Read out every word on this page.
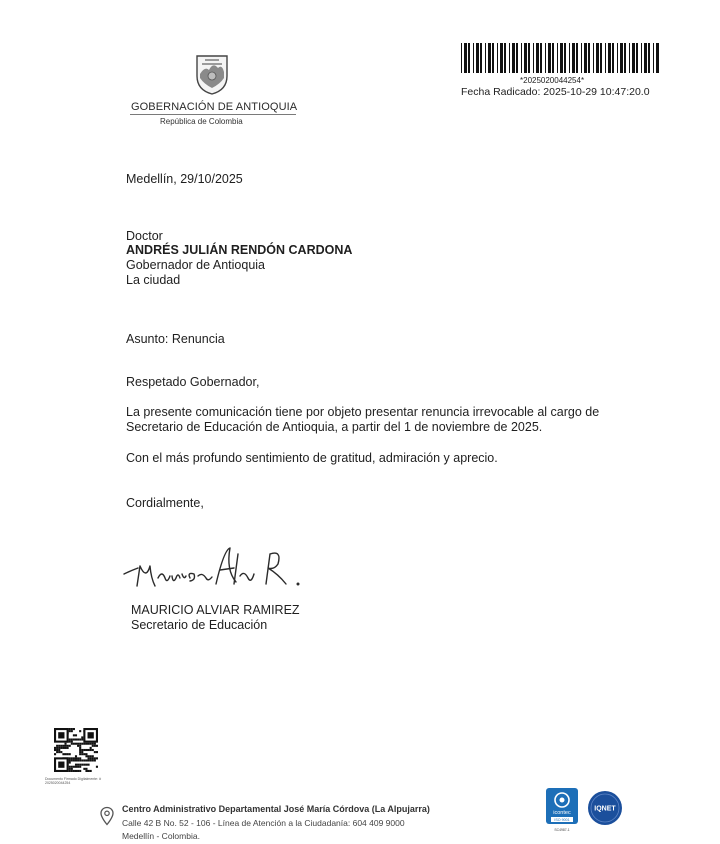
GOBERNACIÓN DE ANTIOQUIA
República de Colombia
*2025020044254*
Fecha Radicado: 2025-10-29 10:47:20.0
Medellín, 29/10/2025
Doctor
ANDRÉS JULIÁN RENDÓN CARDONA
Gobernador de Antioquia
La ciudad
Asunto: Renuncia
Respetado Gobernador,
La presente comunicación tiene por objeto presentar renuncia irrevocable al cargo de
Secretario de Educación de Antioquia, a partir del 1 de noviembre de 2025.
Con el más profundo sentimiento de gratitud, admiración y aprecio.
Cordialmente,
MAURICIO ALVIAR RAMIREZ
Secretario de Educación
Documento Firmado Digitalmente: # 2025020044254
Centro Administrativo Departamental José María Córdova (La Alpujarra)
Calle 42 B No. 52 - 106 - Línea de Atención a la Ciudadanía: 604 409 9000
Medellín - Colombia.
icontec
ISO 9001
SC4987-1
IQNET
